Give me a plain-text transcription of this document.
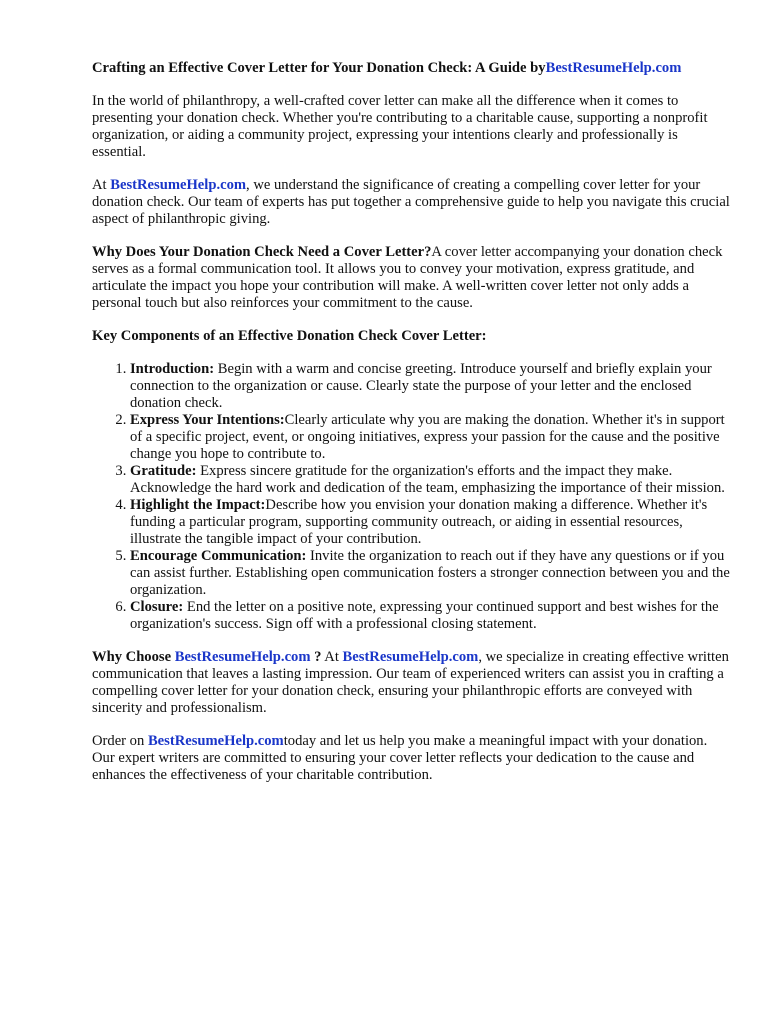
Crafting an Effective Cover Letter for Your Donation Check: A Guide byBestResumeHelp.com

In the world of philanthropy, a well-crafted cover letter can make all the difference when it comes to presenting your donation check. Whether you're contributing to a charitable cause, supporting a nonprofit organization, or aiding a community project, expressing your intentions clearly and professionally is essential.

At BestResumeHelp.com, we understand the significance of creating a compelling cover letter for your donation check. Our team of experts has put together a comprehensive guide to help you navigate this crucial aspect of philanthropic giving.

Why Does Your Donation Check Need a Cover Letter?A cover letter accompanying your donation check serves as a formal communication tool. It allows you to convey your motivation, express gratitude, and articulate the impact you hope your contribution will make. A well-written cover letter not only adds a personal touch but also reinforces your commitment to the cause.

Key Components of an Effective Donation Check Cover Letter:
1. Introduction: Begin with a warm and concise greeting. Introduce yourself and briefly explain your connection to the organization or cause. Clearly state the purpose of your letter and the enclosed donation check.
2. Express Your Intentions:Clearly articulate why you are making the donation. Whether it's in support of a specific project, event, or ongoing initiatives, express your passion for the cause and the positive change you hope to contribute to.
3. Gratitude: Express sincere gratitude for the organization's efforts and the impact they make. Acknowledge the hard work and dedication of the team, emphasizing the importance of their mission.
4. Highlight the Impact:Describe how you envision your donation making a difference. Whether it's funding a particular program, supporting community outreach, or aiding in essential resources, illustrate the tangible impact of your contribution.
5. Encourage Communication: Invite the organization to reach out if they have any questions or if you can assist further. Establishing open communication fosters a stronger connection between you and the organization.
6. Closure: End the letter on a positive note, expressing your continued support and best wishes for the organization's success. Sign off with a professional closing statement.

Why Choose BestResumeHelp.com ? At BestResumeHelp.com, we specialize in creating effective written communication that leaves a lasting impression. Our team of experienced writers can assist you in crafting a compelling cover letter for your donation check, ensuring your philanthropic efforts are conveyed with sincerity and professionalism.

Order on BestResumeHelp.comtoday and let us help you make a meaningful impact with your donation. Our expert writers are committed to ensuring your cover letter reflects your dedication to the cause and enhances the effectiveness of your charitable contribution.
